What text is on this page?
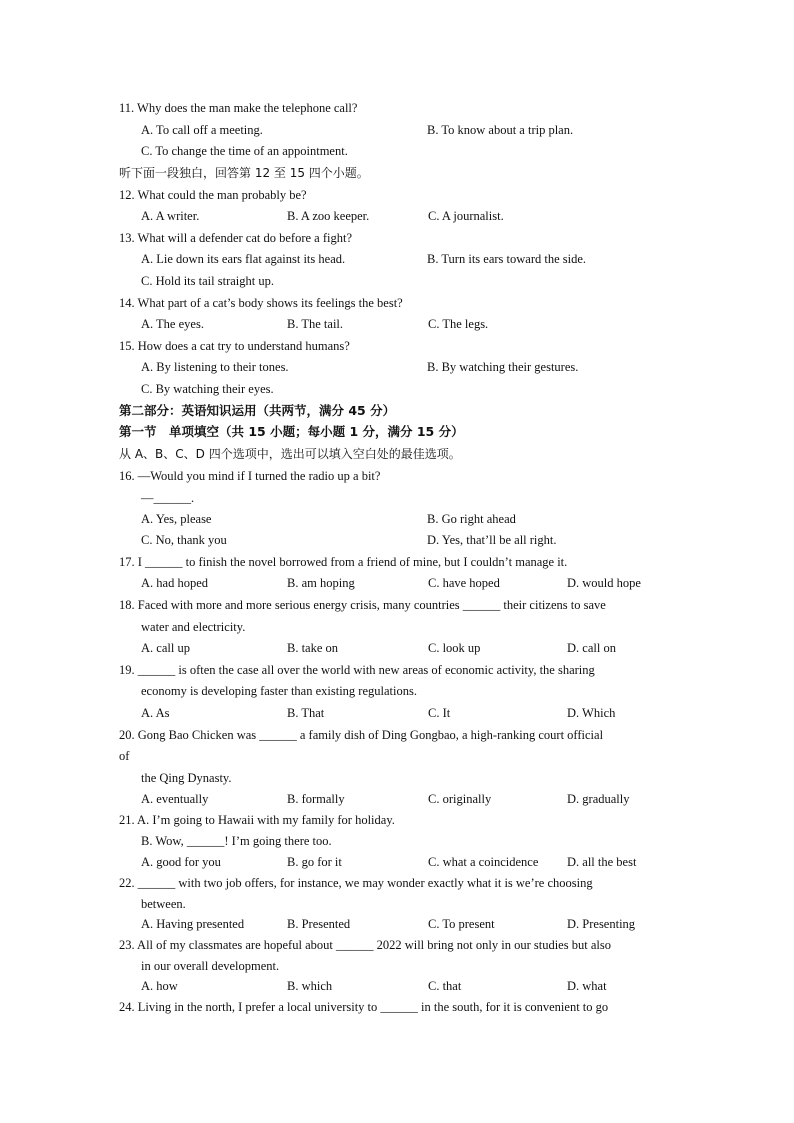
11. Why does the man make the telephone call?
A. To call off a meeting.	B. To know about a trip plan.
C. To change the time of an appointment.
听下面一段独白，回答第 12 至 15 四个小题。
12. What could the man probably be?
A. A writer.	B. A zoo keeper.	C. A journalist.
13. What will a defender cat do before a fight?
A. Lie down its ears flat against its head.	B. Turn its ears toward the side.
C. Hold its tail straight up.
14. What part of a cat’s body shows its feelings the best?
A. The eyes.	B. The tail.	C. The legs.
15. How does a cat try to understand humans?
A. By listening to their tones.	B. By watching their gestures.
C. By watching their eyes.
第二部分：英语知识运用（共两节，满分 45 分）
第一节　单项填空（共 15 小题；每小题 1 分，满分 15 分）
从 A、B、C、D 四个选项中，选出可以填入空白处的最佳选项。
16. —Would you mind if I turned the radio up a bit?
—______.
A. Yes, please	B. Go right ahead
C. No, thank you	D. Yes, that’ll be all right.
17. I ______ to finish the novel borrowed from a friend of mine, but I couldn’t manage it.
A. had hoped	B. am hoping	C. have hoped	D. would hope
18. Faced with more and more serious energy crisis, many countries ______ their citizens to save
water and electricity.
A. call up	B. take on	C. look up	D. call on
19. ______ is often the case all over the world with new areas of economic activity, the sharing
economy is developing faster than existing regulations.
A. As	B. That	C. It	D. Which
20. Gong Bao Chicken was ______ a family dish of Ding Gongbao, a high-ranking court official
of
the Qing Dynasty.
A. eventually	B. formally	C. originally	D. gradually
21. A. I’m going to Hawaii with my family for holiday.
B. Wow, ______! I’m going there too.
A. good for you	B. go for it	C. what a coincidence D. all the best
22. ______ with two job offers, for instance, we may wonder exactly what it is we’re choosing
between.
A. Having presented	B. Presented	C. To present	D. Presenting
23. All of my classmates are hopeful about ______ 2022 will bring not only in our studies but also
in our overall development.
A. how	B. which	C. that	D. what
24. Living in the north, I prefer a local university to ______ in the south, for it is convenient to go
